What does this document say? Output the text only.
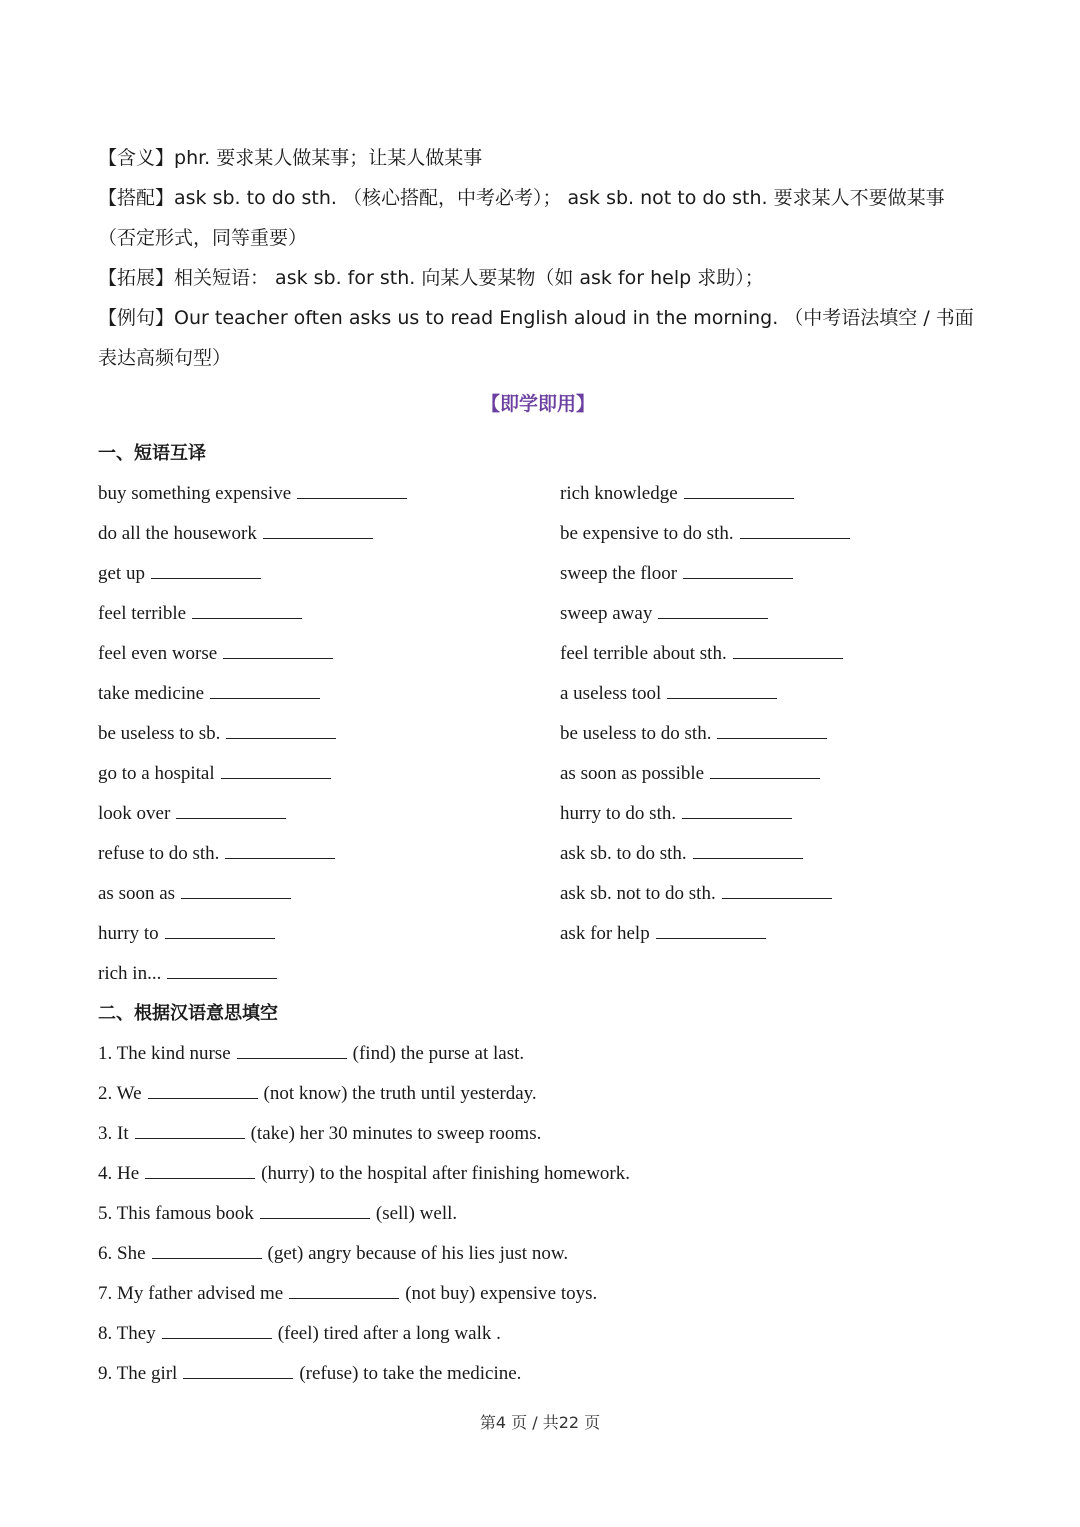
【含义】phr. 要求某人做某事；让某人做某事
【搭配】ask sb. to do sth. （核心搭配，中考必考）； ask sb. not to do sth. 要求某人不要做某事（否定形式，同等重要）
【拓展】相关短语： ask sb. for sth. 向某人要某物（如 ask for help 求助）；
【例句】Our teacher often asks us to read English aloud in the morning. （中考语法填空 / 书面表达高频句型）
【即学即用】
一、短语互译
buy something expensive	rich knowledge
do all the housework	be expensive to do sth.
get up	sweep the floor
feel terrible	sweep away
feel even worse	feel terrible about sth.
take medicine	a useless tool
be useless to sb.	be useless to do sth.
go to a hospital	as soon as possible
look over	hurry to do sth.
refuse to do sth.	ask sb. to do sth.
as soon as	ask sb. not to do sth.
hurry to	ask for help
rich in...
二、根据汉语意思填空
1. The kind nurse	(find) the purse at last.
2. We	(not know) the truth until yesterday.
3. It	(take) her 30 minutes to sweep rooms.
4. He	(hurry) to the hospital after finishing homework.
5. This famous book	(sell) well.
6. She	(get) angry because of his lies just now.
7. My father advised me	(not buy) expensive toys.
8. They	(feel) tired after a long walk .
9. The girl	(refuse) to take the medicine.
第4 页 / 共22 页
